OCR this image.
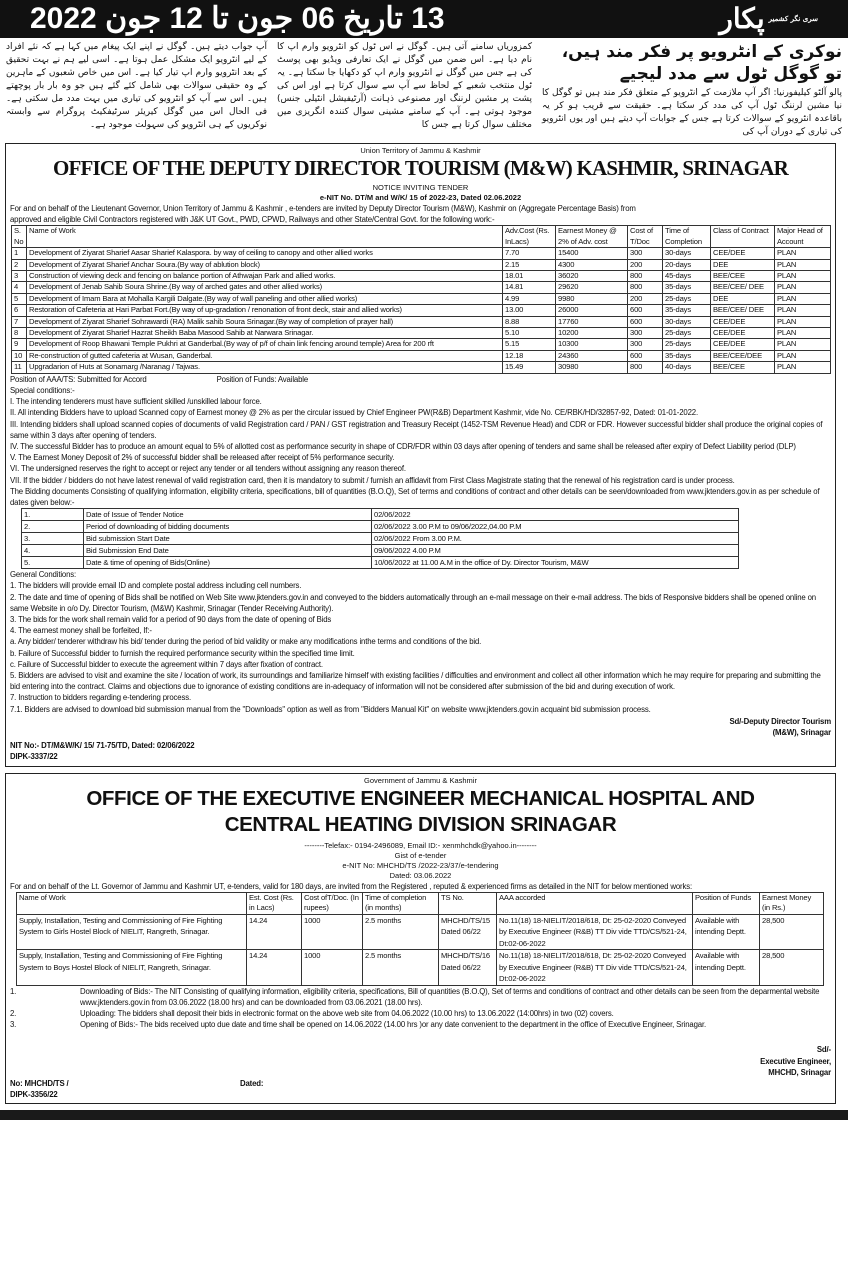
13 تاریخ 06 جون تا 12 جون 2022	$^{سری نگر کشمیر}$پکار
نوکری کے انٹرویو پر فکر مند ہیں، تو گوگل ٹول سے مدد لیجیے
پالو آلٹو کیلیفورنیا: اگر آپ ملازمت کے انٹرویو کے متعلق فکر مند ہیں تو گوگل کا نیا مشین لرننگ ٹول آپ کی مدد کر سکتا ہے۔ حقیقت سے قریب ہو کر یہ باقاعدہ انٹرویو کے سوالات کرتا ہے جس کے جوابات آپ دیتے ہیں اور یوں انٹرویو کی تیاری کے دوران آپ کی
کمزوریاں سامنے آتی ہیں۔ گوگل نے اس ٹول کو انٹرویو وارم اپ کا نام دیا ہے۔ اس ضمن میں گوگل نے ایک تعارفی ویڈیو بھی پوسٹ کی ہے جس میں گوگل نے انٹرویو وارم اپ کو دکھایا جا سکتا ہے۔ یہ ٹول منتخب شعبے کے لحاظ سے آپ سے سوال کرتا ہے اور اس کی پشت پر مشین لرننگ اور مصنوعی ذہانت (آرٹیفیشل انٹیلی جنس) موجود ہوتی ہے۔ آپ کے سامنے مشینی سوال کنندہ انگریزی میں مختلف سوال کرتا ہے جس کا
آپ جواب دیتے ہیں۔ گوگل نے اپنے ایک پیغام میں کہا ہے کہ نئے افراد کے لیے انٹرویو ایک مشکل عمل ہوتا ہے۔ اسی لیے ہم نے بہت تحقیق کے بعد انٹرویو وارم اپ تیار کیا ہے۔ اس میں خاص شعبوں کے ماہرین کے وہ حقیقی سوالات بھی شامل کئے گئے ہیں جو وہ بار بار پوچھتے ہیں۔ اس سے آپ کو انٹرویو کی تیاری میں بہت مدد مل سکتی ہے۔ فی الحال اس میں گوگل کیریئر سرٹیفکیٹ پروگرام سے وابستہ نوکریوں کے ہی انٹرویو کی سہولت موجود ہے۔
Union Territory of Jammu & Kashmir
OFFICE OF THE DEPUTY DIRECTOR TOURISM (M&W) KASHMIR, SRINAGAR
NOTICE INVITING TENDER
e-NIT No. DT/M and W/K/ 15 of 2022-23, Dated 02.06.2022
For and on behalf of the Lieutenant Governor, Union Territory of Jammu & Kashmir , e-tenders are invited by Deputy Director Tourism (M&W), Kashmir on (Aggregate Percentage Basis) from
approved and eligible Civil Contractors registered with J&K UT Govt., PWD, CPWD, Railways and other State/Central Govt. for the following work:-
S. No	Name of Work	Adv.Cost (Rs. InLacs)	Earnest Money @ 2% of Adv. cost	Cost of T/Doc	Time of Completion	Class of Contract	Major Head of Account
1	Development of Ziyarat Sharief Aasar Sharief Kalaspora. by way of ceiling to canopy and other allied works	7.70	15400	300	30-days	CEE/DEE	PLAN
2	Development of Ziyarat Sharief Anchar Soura.(By way of ablution block)	2.15	4300	200	20-days	DEE	PLAN
3	Construction of viewing deck and fencing on balance portion of Athwajan Park and allied works.	18.01	36020	800	45-days	BEE/CEE	PLAN
4	Development of Jenab Sahib Soura Shrine.(By way of arched gates and other allied works)	14.81	29620	800	35-days	BEE/CEE/ DEE	PLAN
5	Development of Imam Bara at Mohalla Kargili Dalgate.(By way of wall paneling and other allied works)	4.99	9980	200	25-days	DEE	PLAN
6	Restoration of Cafeteria at Hari Parbat Fort.(By way of up-gradation / renonation of front deck, stair and allied works)	13.00	26000	600	35-days	BEE/CEE/ DEE	PLAN
7	Development of Ziyarat Sharief Sohrawardi (RA) Malik sahib Soura Srinagar.(By way of completion of prayer hall)	8.88	17760	600	30-days	CEE/DEE	PLAN
8	Development of Ziyarat Sharief Hazrat Sheikh Baba Masood Sahib at Narwara Srinagar.	5.10	10200	300	25-days	CEE/DEE	PLAN
9	Development of Roop Bhawani Temple Pukhri at Ganderbal.(By way of p/f of chain link fencing around temple) Area for 200 rft	5.15	10300	300	25-days	CEE/DEE	PLAN
10	Re-construction of gutted cafeteria at Wusan, Ganderbal.	12.18	24360	600	35-days	BEE/CEE/DEE	PLAN
11	Upgradarion of Huts at Sonamarg /Naranag / Tajwas.	15.49	30980	800	40-days	BEE/CEE	PLAN
Position of AAA/TS: Submitted for Accord	Position of Funds: Available
Special conditions:-
I. The intending tenderers must have sufficient skilled /unskilled labour force.
II. All intending Bidders have to upload Scanned copy of Earnest money @ 2% as per the circular issued by Chief Engineer PW(R&B) Department Kashmir, vide No. CE/RBK/HD/32857-92, Dated: 01-01-2022.
III. Intending bidders shall upload scanned copies of documents of valid Registration card / PAN / GST registration and Treasury Receipt (1452-TSM Revenue Head) and CDR or FDR. However successful bidder shall produce the original copies of same within 3 days after opening of tenders.
IV. The successful Bidder has to produce an amount equal to 5% of allotted cost as performance security in shape of CDR/FDR within 03 days after opening of tenders and same shall be released after expiry of Defect Liability period (DLP)
V. The Earnest Money Deposit of 2% of successful bidder shall be released after receipt of 5% performance security.
VI. The undersigned reserves the right to accept or reject any tender or all tenders without assigning any reason thereof.
VII. If the bidder / bidders do not have latest renewal of valid registration card, then it is mandatory to submit / furnish an affidavit from First Class Magistrate stating that the renewal of his registration card is under process.
The Bidding documents Consisting of qualifying information, eligibility criteria, specifications, bill of quantities (B.O.Q), Set of terms and conditions of contract and other details can be seen/downloaded from www.jktenders.gov.in as per schedule of dates given below:-
1.	Date of Issue of Tender Notice	02/06/2022
2.	Period of downloading of bidding documents	02/06/2022 3.00 P.M to 09/06/2022,04.00 P.M
3.	Bid submission Start Date	02/06/2022 From 3.00 P.M.
4.	Bid Submission End Date	09/06/2022 4.00 P.M
5.	Date & time of opening of Bids(Online)	10/06/2022 at 11.00 A.M in the office of Dy. Director Tourism, M&W
General Conditions:
1. The bidders will provide email ID and complete postal address including cell numbers.
2. The date and time of opening of Bids shall be notified on Web Site www.jktenders.gov.in and conveyed to the bidders automatically through an e-mail message on their e-mail address. The bids of Responsive bidders shall be opened online on same Website in o/o Dy. Director Tourism, (M&W) Kashmir, Srinagar (Tender Receiving Authority).
3. The bids for the work shall remain valid for a period of 90 days from the date of opening of Bids
4. The earnest money shall be forfeited, If:-
a. Any bidder/ tenderer withdraw his bid/ tender during the period of bid validity or make any modifications inthe terms and conditions of the bid.
b. Failure of Successful bidder to furnish the required performance security within the specified time limit.
c. Failure of Successful bidder to execute the agreement within 7 days after fixation of contract.
5. Bidders are advised to visit and examine the site / location of work, its surroundings and familiarize himself with existing facilities / difficulties and environment and collect all other information which he may require for preparing and submitting the bid entering into the contract. Claims and objections due to ignorance of existing conditions are in-adequacy of information will not be considered after submission of the bid and during execution of work.
7. Instruction to bidders regarding e-tendering process.
7.1. Bidders are advised to download bid submission manual from the "Downloads" option as well as from "Bidders Manual Kit" on website www.jktenders.gov.in acquaint bid submission process.
Sd/-Deputy Director Tourism
(M&W), Srinagar
NIT No:- DT/M&W/K/ 15/ 71-75/TD, Dated: 02/06/2022
DIPK-3337/22
Government of Jammu & Kashmir
OFFICE OF THE EXECUTIVE ENGINEER MECHANICAL HOSPITAL AND CENTRAL HEATING DIVISION SRINAGAR
--------Telefax:- 0194-2496089, Email ID:- xenmhchdk@yahoo.in--------
Gist of e-tender
e-NIT No: MHCHD/TS /2022-23/37/e-tendering
Dated: 03.06.2022
For and on behalf of the Lt. Governor of Jammu and Kashmir UT, e-tenders, valid for 180 days, are invited from the Registered , reputed & experienced firms as detailed in the NIT for below mentioned works:
Name of Work	Est. Cost (Rs. in Lacs)	Cost ofT/Doc. (In rupees)	Time of completion (in months)	TS No.	AAA accorded	Position of Funds	Earnest Money (in Rs.)
Supply, Installation, Testing and Commissioning of Fire Fighting System to Girls Hostel Block of NIELIT, Rangreth, Srinagar.	14.24	1000	2.5 months	MHCHD/TS/15 Dated 06/22	No.11(18) 18-NIELIT/2018/618, Dt: 25-02-2020 Conveyed by Executive Engineer (R&B) TT Div vide TTD/CS/521-24, Dt:02-06-2022	Available with intending Deptt.	28,500
Supply, Installation, Testing and Commissioning of Fire Fighting System to Boys Hostel Block of NIELIT, Rangreth, Srinagar.	14.24	1000	2.5 months	MHCHD/TS/16 Dated 06/22	No.11(18) 18-NIELIT/2018/618, Dt: 25-02-2020 Conveyed by Executive Engineer (R&B) TT Div vide TTD/CS/521-24, Dt:02-06-2022	Available with intending Deptt.	28,500
1.	Downloading of Bids:- The NIT Consisting of qualifying information, eligibility criteria, specifications, Bill of quantities (B.O.Q), Set of terms and conditions of contract and other details can be seen from the deparmental website www.jktenders.gov.in from 03.06.2022 (18.00 hrs) and can be downloaded from 03.06.2021 (18.00 hrs).
2.	Uploading: The bidders shall deposit their bids in electronic format on the above web site from 04.06.2022 (10.00 hrs) to 13.06.2022 (14:00hrs) in two (02) covers.
3.	Opening of Bids:- The bids received upto due date and time shall be opened on 14.06.2022 (14.00 hrs )or any date convenient to the department in the office of Executive Engineer, Srinagar.
Sd/-
Executive Engineer,
MHCHD, Srinagar
No: MHCHD/TS /	Dated:
DIPK-3356/22
